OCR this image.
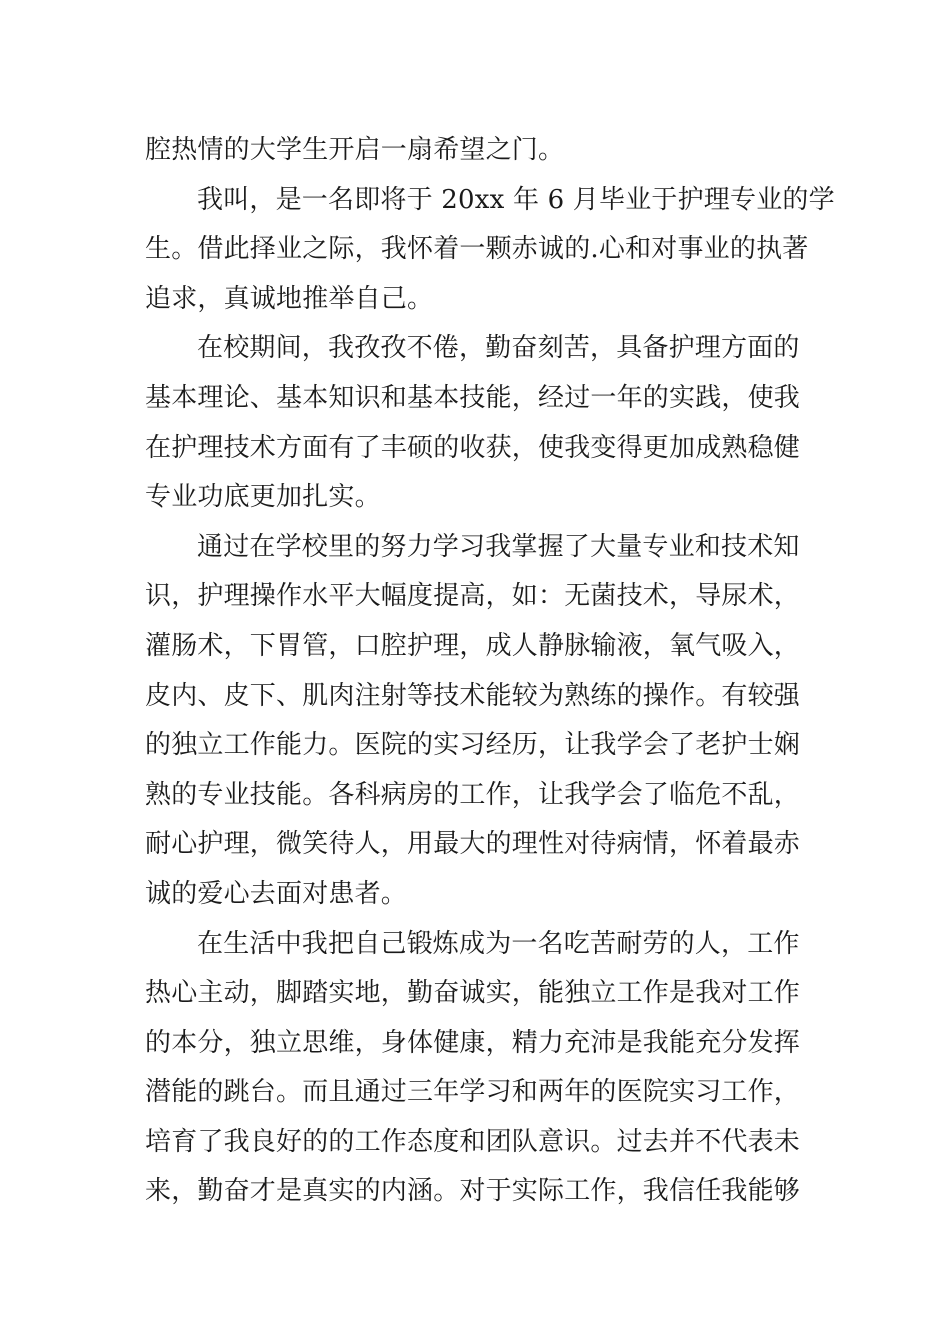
腔热情的大学生开启一扇希望之门。
我叫，是一名即将于 20xx 年 6 月毕业于护理专业的学
生。借此择业之际，我怀着一颗赤诚的.心和对事业的执著
追求，真诚地推举自己。
在校期间，我孜孜不倦，勤奋刻苦，具备护理方面的
基本理论、基本知识和基本技能，经过一年的实践，使我
在护理技术方面有了丰硕的收获，使我变得更加成熟稳健
专业功底更加扎实。
通过在学校里的努力学习我掌握了大量专业和技术知
识，护理操作水平大幅度提高，如：无菌技术，导尿术，
灌肠术，下胃管，口腔护理，成人静脉输液，氧气吸入，
皮内、皮下、肌肉注射等技术能较为熟练的操作。有较强
的独立工作能力。医院的实习经历，让我学会了老护士娴
熟的专业技能。各科病房的工作，让我学会了临危不乱，
耐心护理，微笑待人，用最大的理性对待病情，怀着最赤
诚的爱心去面对患者。
在生活中我把自己锻炼成为一名吃苦耐劳的人，工作
热心主动，脚踏实地，勤奋诚实，能独立工作是我对工作
的本分，独立思维，身体健康，精力充沛是我能充分发挥
潜能的跳台。而且通过三年学习和两年的医院实习工作，
培育了我良好的的工作态度和团队意识。过去并不代表未
来，勤奋才是真实的内涵。对于实际工作，我信任我能够
